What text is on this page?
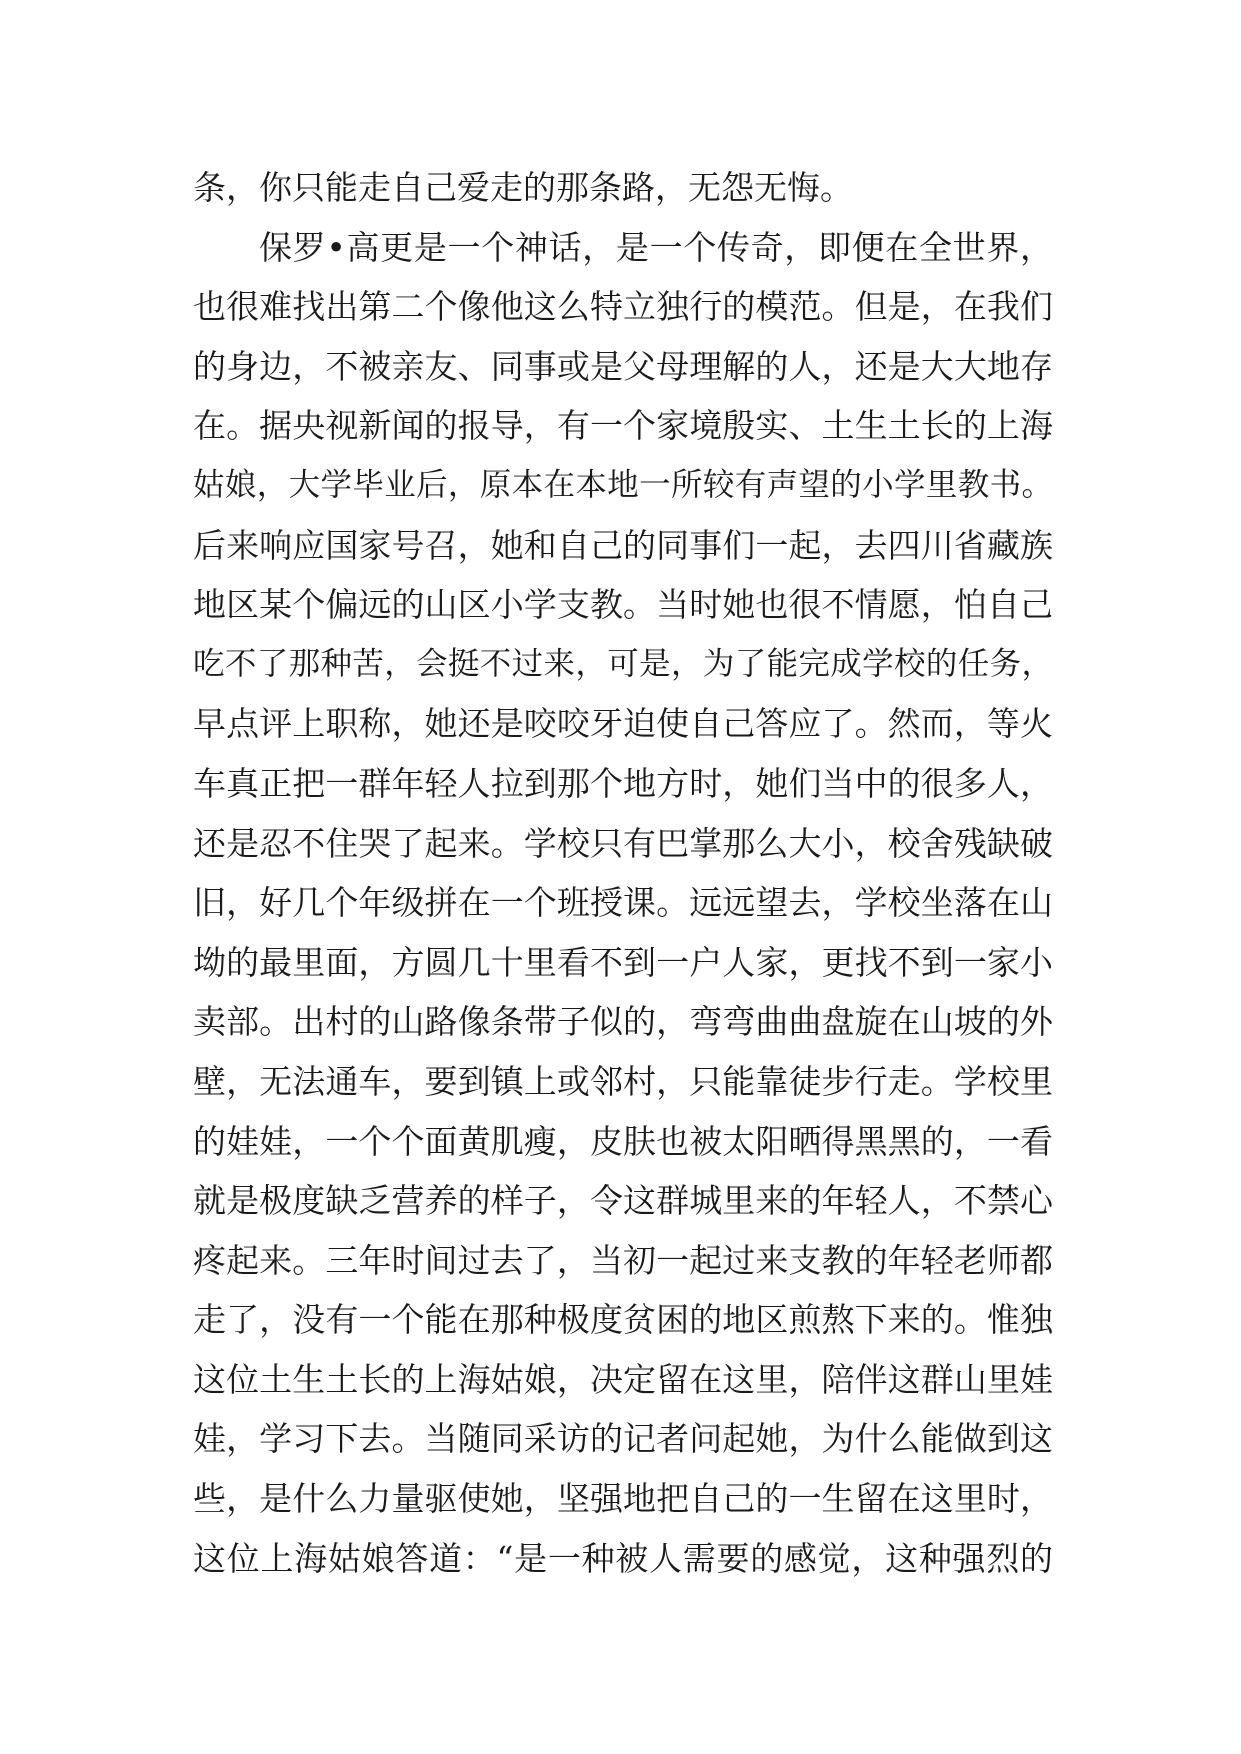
条，你只能走自己爱走的那条路，无怨无悔。
保罗•高更是一个神话，是一个传奇，即便在全世界，
也很难找出第二个像他这么特立独行的模范。但是，在我们
的身边，不被亲友、同事或是父母理解的人，还是大大地存
在。据央视新闻的报导，有一个家境殷实、土生土长的上海
姑娘，大学毕业后，原本在本地一所较有声望的小学里教书。
后来响应国家号召，她和自己的同事们一起，去四川省藏族
地区某个偏远的山区小学支教。当时她也很不情愿，怕自己
吃不了那种苦，会挺不过来，可是，为了能完成学校的任务，
早点评上职称，她还是咬咬牙迫使自己答应了。然而，等火
车真正把一群年轻人拉到那个地方时，她们当中的很多人，
还是忍不住哭了起来。学校只有巴掌那么大小，校舍残缺破
旧，好几个年级拼在一个班授课。远远望去，学校坐落在山
坳的最里面，方圆几十里看不到一户人家，更找不到一家小
卖部。出村的山路像条带子似的，弯弯曲曲盘旋在山坡的外
壁，无法通车，要到镇上或邻村，只能靠徒步行走。学校里
的娃娃，一个个面黄肌瘦，皮肤也被太阳晒得黑黑的，一看
就是极度缺乏营养的样子，令这群城里来的年轻人，不禁心
疼起来。三年时间过去了，当初一起过来支教的年轻老师都
走了，没有一个能在那种极度贫困的地区煎熬下来的。惟独
这位土生土长的上海姑娘，决定留在这里，陪伴这群山里娃
娃，学习下去。当随同采访的记者问起她，为什么能做到这
些，是什么力量驱使她，坚强地把自己的一生留在这里时，
这位上海姑娘答道：“是一种被人需要的感觉，这种强烈的
